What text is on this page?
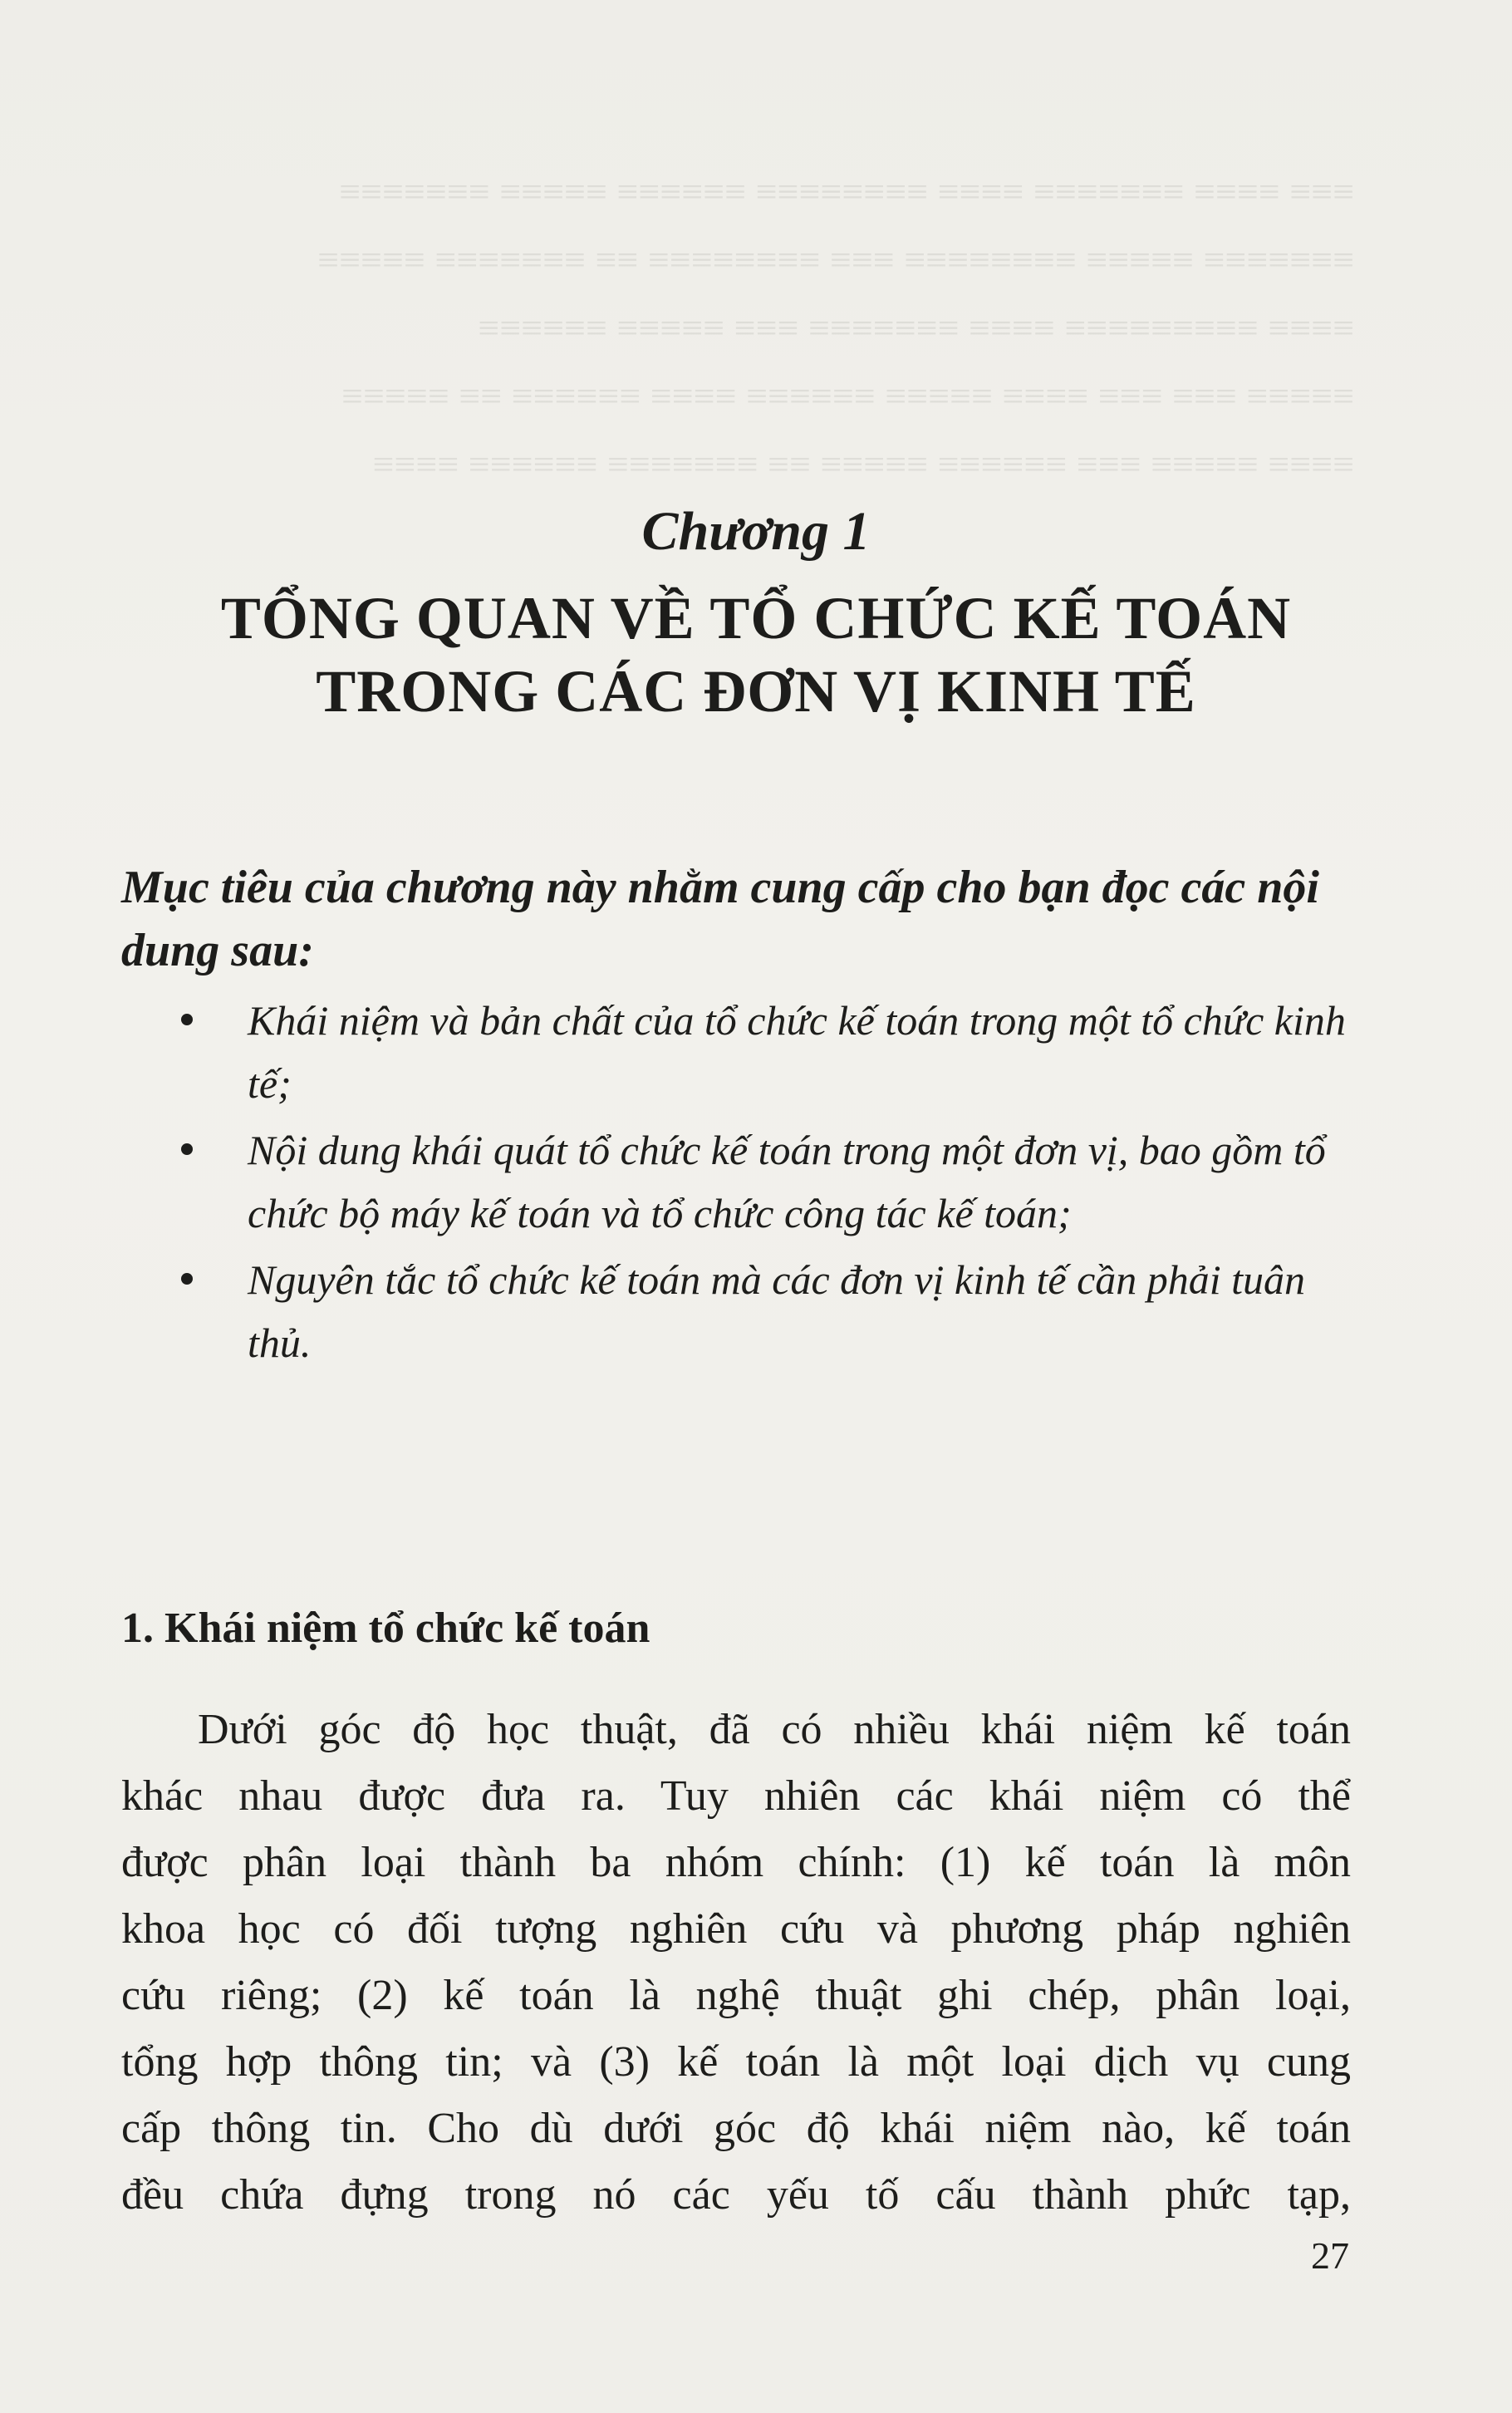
≡≡≡ ≡≡≡≡ ≡≡≡≡≡≡≡ ≡≡≡≡ ≡≡≡≡≡≡≡≡ ≡≡≡≡≡≡ ≡≡≡≡≡ ≡≡≡≡≡≡≡

≡≡≡≡≡≡≡ ≡≡≡≡≡ ≡≡≡≡≡≡≡≡ ≡≡≡ ≡≡≡≡≡≡≡≡ ≡≡ ≡≡≡≡≡≡≡ ≡≡≡≡≡

≡≡≡≡ ≡≡≡≡≡≡≡≡≡ ≡≡≡≡ ≡≡≡≡≡≡≡ ≡≡≡ ≡≡≡≡≡ ≡≡≡≡≡≡

≡≡≡≡≡ ≡≡≡ ≡≡≡ ≡≡≡≡ ≡≡≡≡≡ ≡≡≡≡≡≡ ≡≡≡≡ ≡≡≡≡≡≡ ≡≡ ≡≡≡≡≡

≡≡≡≡ ≡≡≡≡≡ ≡≡≡ ≡≡≡≡≡≡ ≡≡≡≡≡ ≡≡ ≡≡≡≡≡≡≡ ≡≡≡≡≡≡ ≡≡≡≡

Chương 1
TỔNG QUAN VỀ TỔ CHỨC KẾ TOÁN
TRONG CÁC ĐƠN VỊ KINH TẾ

Mục tiêu của chương này nhằm cung cấp cho bạn đọc các nội dung sau:

Khái niệm và bản chất của tổ chức kế toán trong một tổ chức kinh tế;
Nội dung khái quát tổ chức kế toán trong một đơn vị, bao gồm tổ chức bộ máy kế toán và tổ chức công tác kế toán;
Nguyên tắc tổ chức kế toán mà các đơn vị kinh tế cần phải tuân thủ.
1. Khái niệm tổ chức kế toán
Dưới góc độ học thuật, đã có nhiều khái niệm kế toán
khác nhau được đưa ra. Tuy nhiên các khái niệm có thể
được phân loại thành ba nhóm chính: (1) kế toán là môn
khoa học có đối tượng nghiên cứu và phương pháp nghiên
cứu riêng; (2) kế toán là nghệ thuật ghi chép, phân loại,
tổng hợp thông tin; và (3) kế toán là một loại dịch vụ cung
cấp thông tin. Cho dù dưới góc độ khái niệm nào, kế toán
đều chứa đựng trong nó các yếu tố cấu thành phức tạp,
27
